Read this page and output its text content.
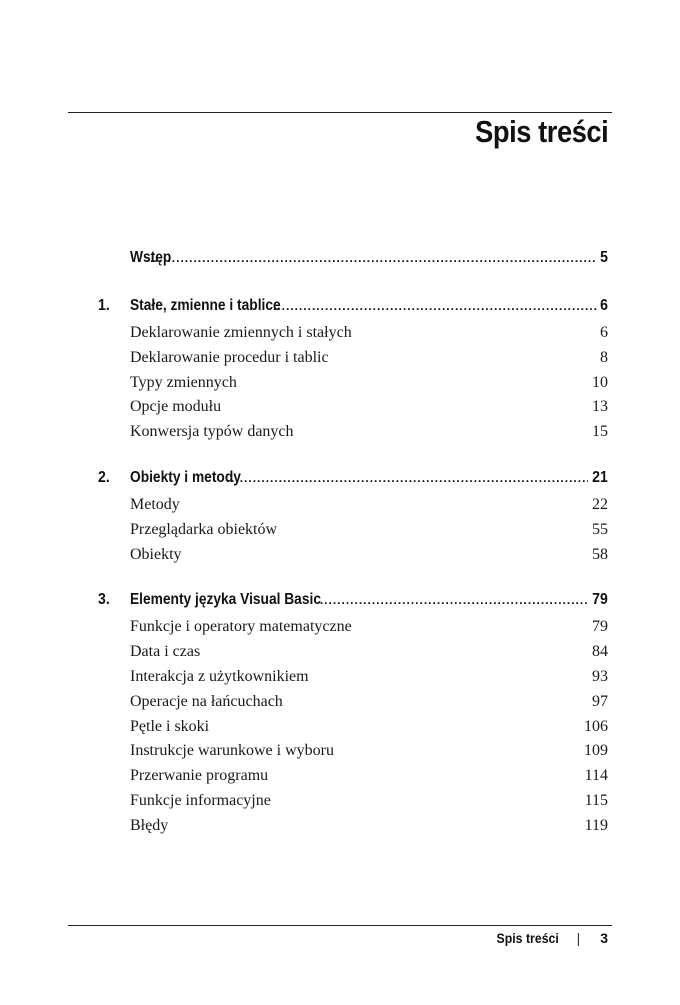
Spis treści
Wstęp .....	5
1. Stałe, zmienne i tablice .....	6
Deklarowanie zmiennych i stałych	6
Deklarowanie procedur i tablic	8
Typy zmiennych	10
Opcje modułu	13
Konwersja typów danych	15
2. Obiekty i metody .....	21
Metody	22
Przeglądarka obiektów	55
Obiekty	58
3. Elementy języka Visual Basic .....	79
Funkcje i operatory matematyczne	79
Data i czas	84
Interakcja z użytkownikiem	93
Operacje na łańcuchach	97
Pętle i skoki	106
Instrukcje warunkowe i wyboru	109
Przerwanie programu	114
Funkcje informacyjne	115
Błędy	119
Spis treści | 3
